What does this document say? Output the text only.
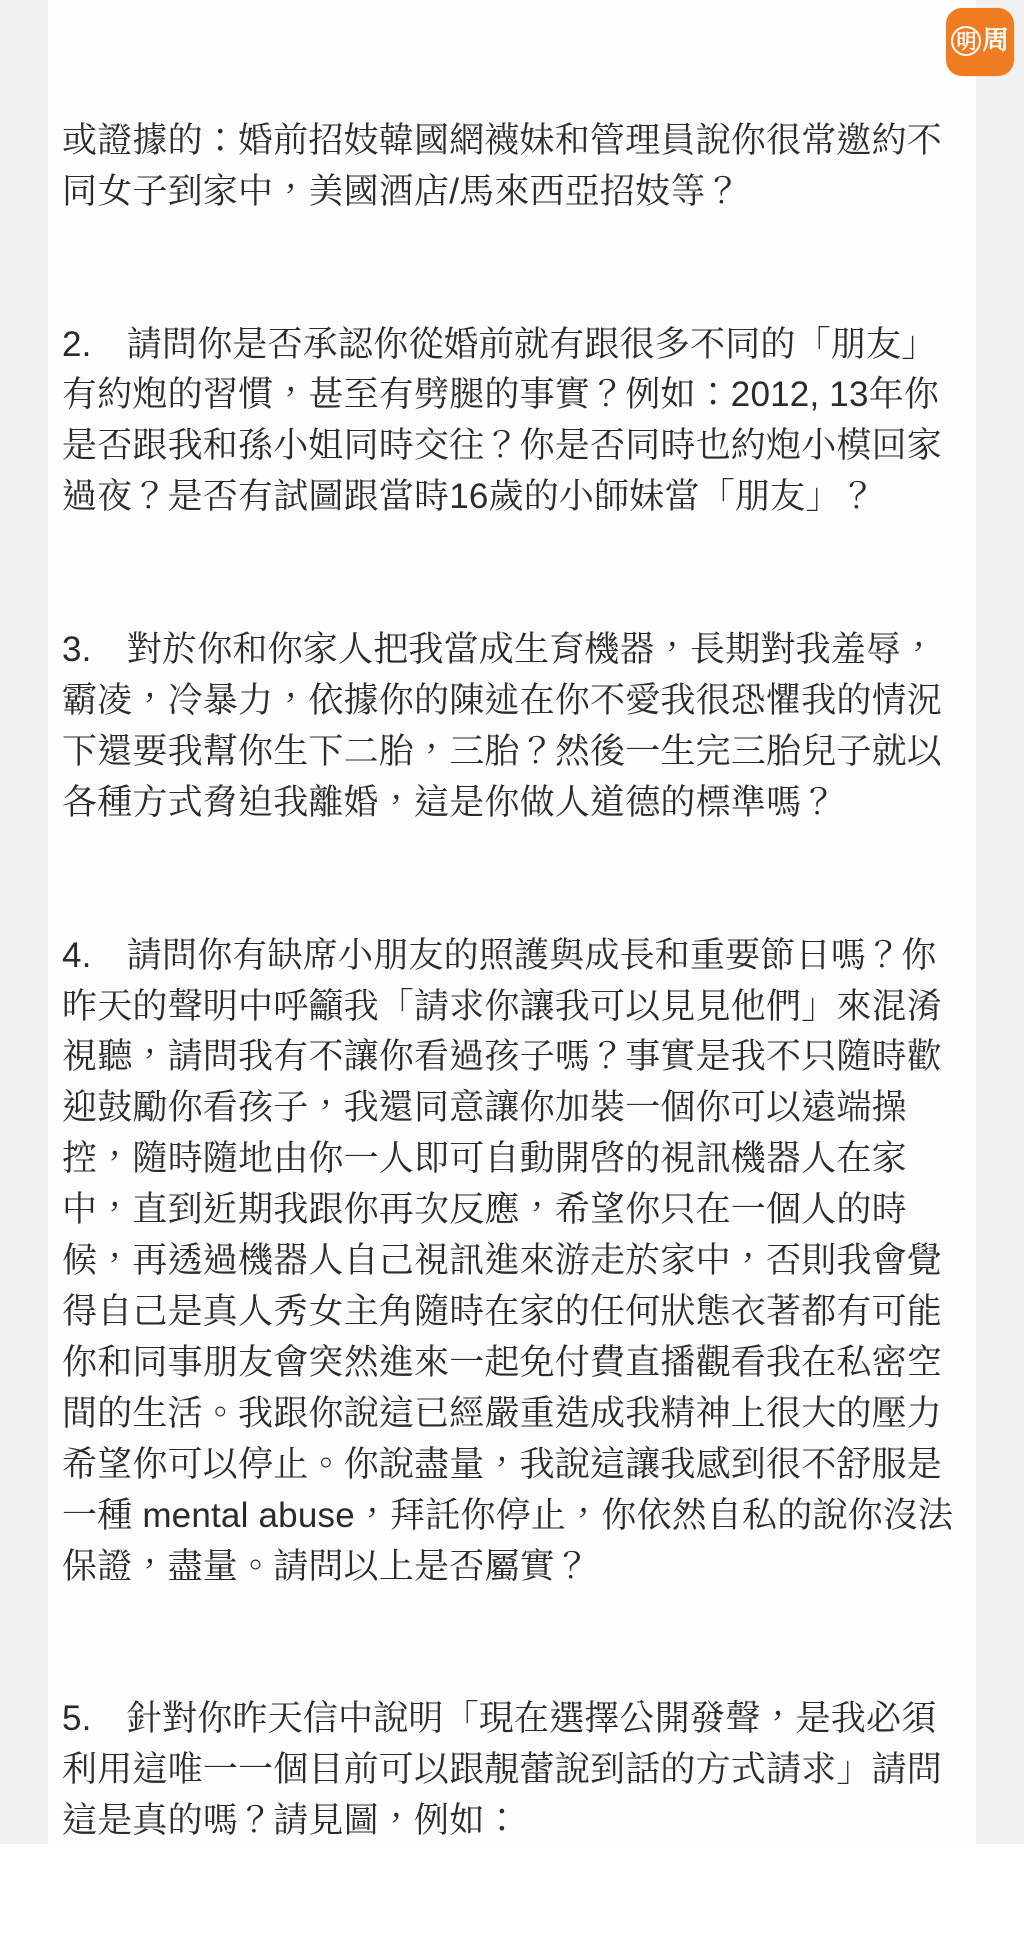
或證據的：婚前招妓韓國網襪妹和管理員說你很常邀約不同女子到家中，美國酒店/馬來西亞招妓等？

2.　請問你是否承認你從婚前就有跟很多不同的「朋友」有約炮的習慣，甚至有劈腿的事實？例如：2012, 13年你是否跟我和孫小姐同時交往？你是否同時也約炮小模回家過夜？是否有試圖跟當時16歲的小師妹當「朋友」？

3.　對於你和你家人把我當成生育機器，長期對我羞辱，霸凌，冷暴力，依據你的陳述在你不愛我很恐懼我的情況下還要我幫你生下二胎，三胎？然後一生完三胎兒子就以各種方式脅迫我離婚，這是你做人道德的標準嗎？

4.　請問你有缺席小朋友的照護與成長和重要節日嗎？你昨天的聲明中呼籲我「請求你讓我可以見見他們」來混淆視聽，請問我有不讓你看過孩子嗎？事實是我不只隨時歡迎鼓勵你看孩子，我還同意讓你加裝一個你可以遠端操控，隨時隨地由你一人即可自動開啓的視訊機器人在家中，直到近期我跟你再次反應，希望你只在一個人的時候，再透過機器人自己視訊進來游走於家中，否則我會覺得自己是真人秀女主角隨時在家的任何狀態衣著都有可能你和同事朋友會突然進來一起免付費直播觀看我在私密空間的生活。我跟你說這已經嚴重造成我精神上很大的壓力希望你可以停止。你說盡量，我說這讓我感到很不舒服是一種 mental abuse，拜託你停止，你依然自私的說你沒法保證，盡量。請問以上是否屬實？

5.　針對你昨天信中說明「現在選擇公開發聲，是我必須利用這唯一一個目前可以跟靚蕾說到話的方式請求」請問這是真的嗎？請見圖，例如：

明 周
